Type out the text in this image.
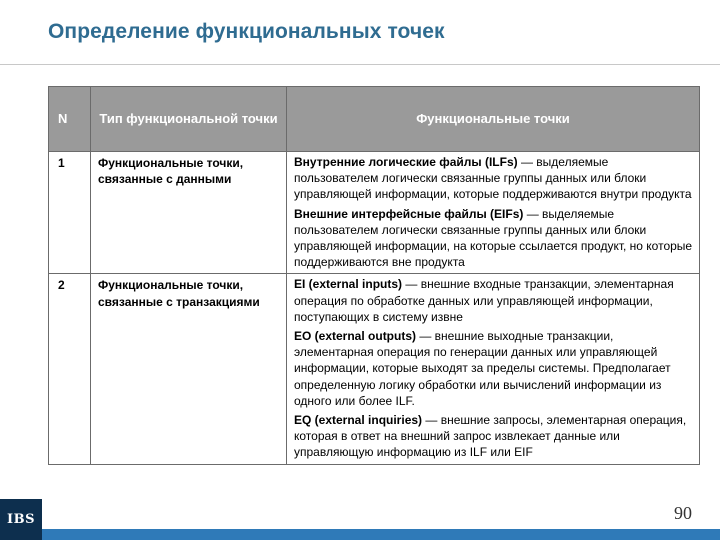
Определение функциональных точек
N	Тип функциональной точки	Функциональные точки

1	Функциональные точки, связанные с данными	Внутренние логические файлы (ILFs) — выделяемые пользователем логически связанные группы данных или блоки управляющей информации, которые поддерживаются внутри продукта

Внешние интерфейсные файлы (EIFs) — выделяемые пользователем логически связанные группы данных или блоки управляющей информации, на которые ссылается продукт, но которые поддерживаются вне продукта

2	Функциональные точки, связанные с транзакциями	EI (external inputs) — внешние входные транзакции, элементарная операция по обработке данных или управляющей информации, поступающих в систему извне

EO (external outputs) — внешние выходные транзакции, элементарная операция по генерации данных или управляющей информации, которые выходят за пределы системы. Предполагает определенную логику обработки или вычислений информации из одного или более ILF.

EQ (external inquiries) — внешние запросы, элементарная операция, которая в ответ на внешний запрос извлекает данные или управляющую информацию из ILF или EIF

IBS	90
